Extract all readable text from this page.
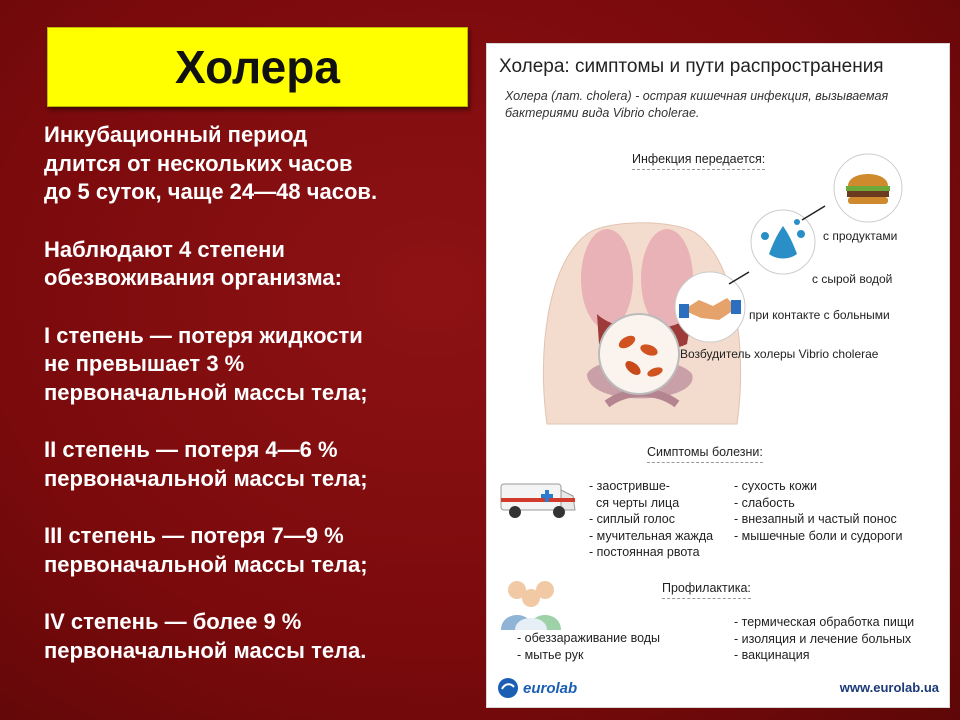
Холера

Инкубационный период
длится от нескольких часов
до 5 суток, чаще 24—48 часов.

Наблюдают 4 степени
обезвоживания организма:

I степень — потеря жидкости
не превышает 3 %
первоначальной массы тела;

II степень — потеря 4—6 %
первоначальной массы тела;

III степень — потеря 7—9 %
первоначальной массы тела;

IV степень — более 9 %
первоначальной массы тела.

Холера: симптомы и пути распространения
Холера (лат. cholera) - острая кишечная инфекция, вызываемая бактериями вида Vibrio cholerae.
Инфекция передается:
с продуктами
с сырой водой
при контакте с больными
Возбудитель холеры Vibrio cholerae
Симптомы болезни:
- заостривше-
ся черты лица
- сиплый голос
- мучительная жажда
- постоянная рвота
- сухость кожи
- слабость
- внезапный и частый понос
- мышечные боли и судороги
Профилактика:
- обеззараживание воды
- мытье рук
- термическая обработка пищи
- изоляция и лечение больных
- вакцинация
eurolab	www.eurolab.ua
